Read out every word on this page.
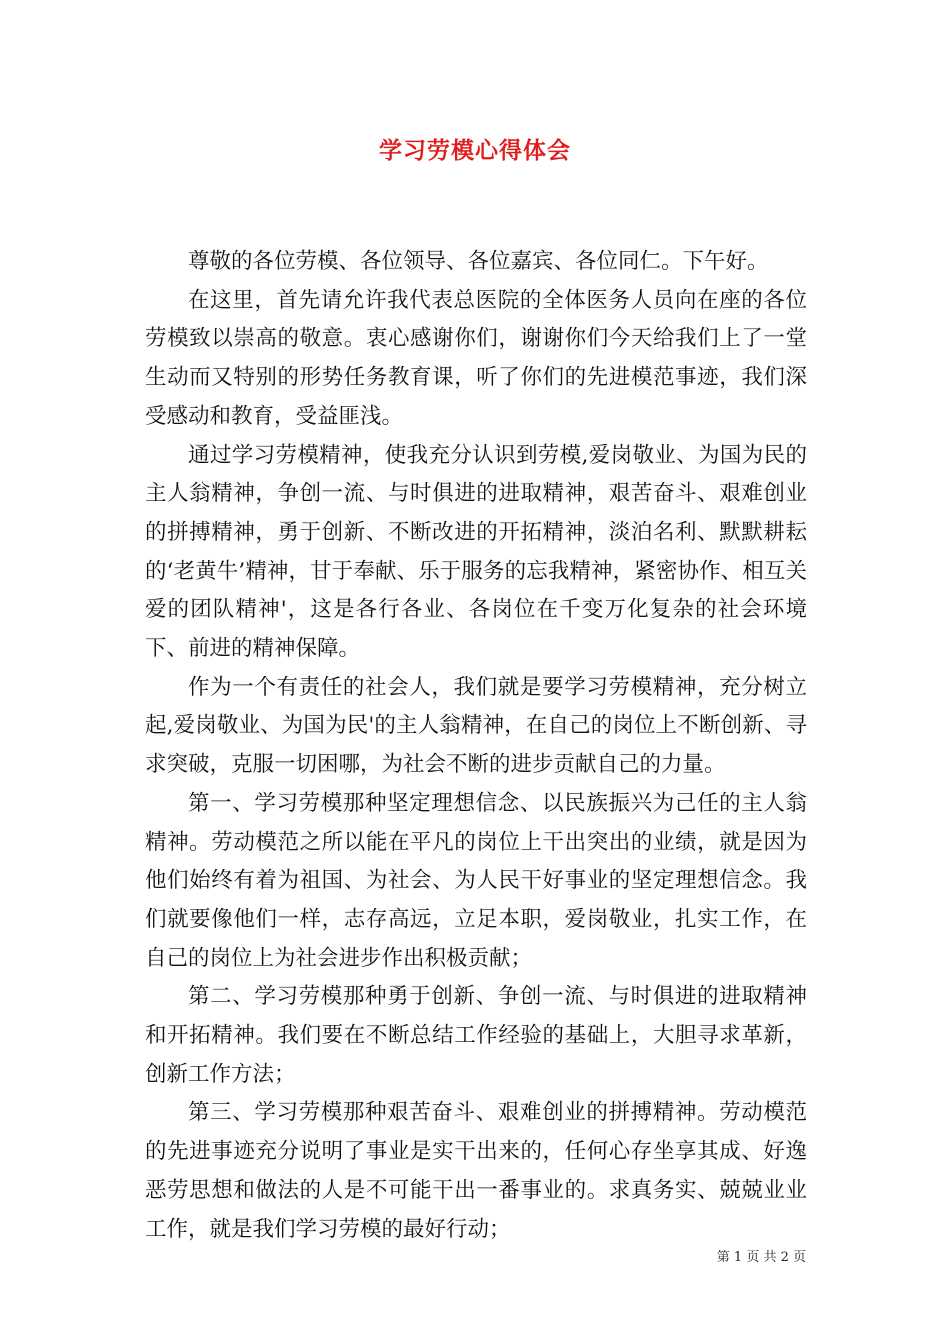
学习劳模心得体会

尊敬的各位劳模、各位领导、各位嘉宾、各位同仁。下午好。

在这里，首先请允许我代表总医院的全体医务人员向在座的各位劳模致以崇高的敬意。衷心感谢你们，谢谢你们今天给我们上了一堂生动而又特别的形势任务教育课，听了你们的先进模范事迹，我们深受感动和教育，受益匪浅。

通过学习劳模精神，使我充分认识到劳模,爱岗敬业、为国为民的主人翁精神，争创一流、与时俱进的进取精神，艰苦奋斗、艰难创业的拼搏精神，勇于创新、不断改进的开拓精神，淡泊名利、默默耕耘的‘老黄牛’精神，甘于奉献、乐于服务的忘我精神，紧密协作、相互关爱的团队精神'，这是各行各业、各岗位在千变万化复杂的社会环境下、前进的精神保障。

作为一个有责任的社会人，我们就是要学习劳模精神，充分树立起,爱岗敬业、为国为民'的主人翁精神，在自己的岗位上不断创新、寻求突破，克服一切困哪，为社会不断的进步贡献自己的力量。

第一、学习劳模那种坚定理想信念、以民族振兴为己任的主人翁精神。劳动模范之所以能在平凡的岗位上干出突出的业绩，就是因为他们始终有着为祖国、为社会、为人民干好事业的坚定理想信念。我们就要像他们一样，志存高远，立足本职，爱岗敬业，扎实工作，在自己的岗位上为社会进步作出积极贡献；

第二、学习劳模那种勇于创新、争创一流、与时俱进的进取精神和开拓精神。我们要在不断总结工作经验的基础上，大胆寻求革新，创新工作方法；

第三、学习劳模那种艰苦奋斗、艰难创业的拼搏精神。劳动模范的先进事迹充分说明了事业是实干出来的，任何心存坐享其成、好逸恶劳思想和做法的人是不可能干出一番事业的。求真务实、兢兢业业工作，就是我们学习劳模的最好行动；

第 1 页 共 2 页
